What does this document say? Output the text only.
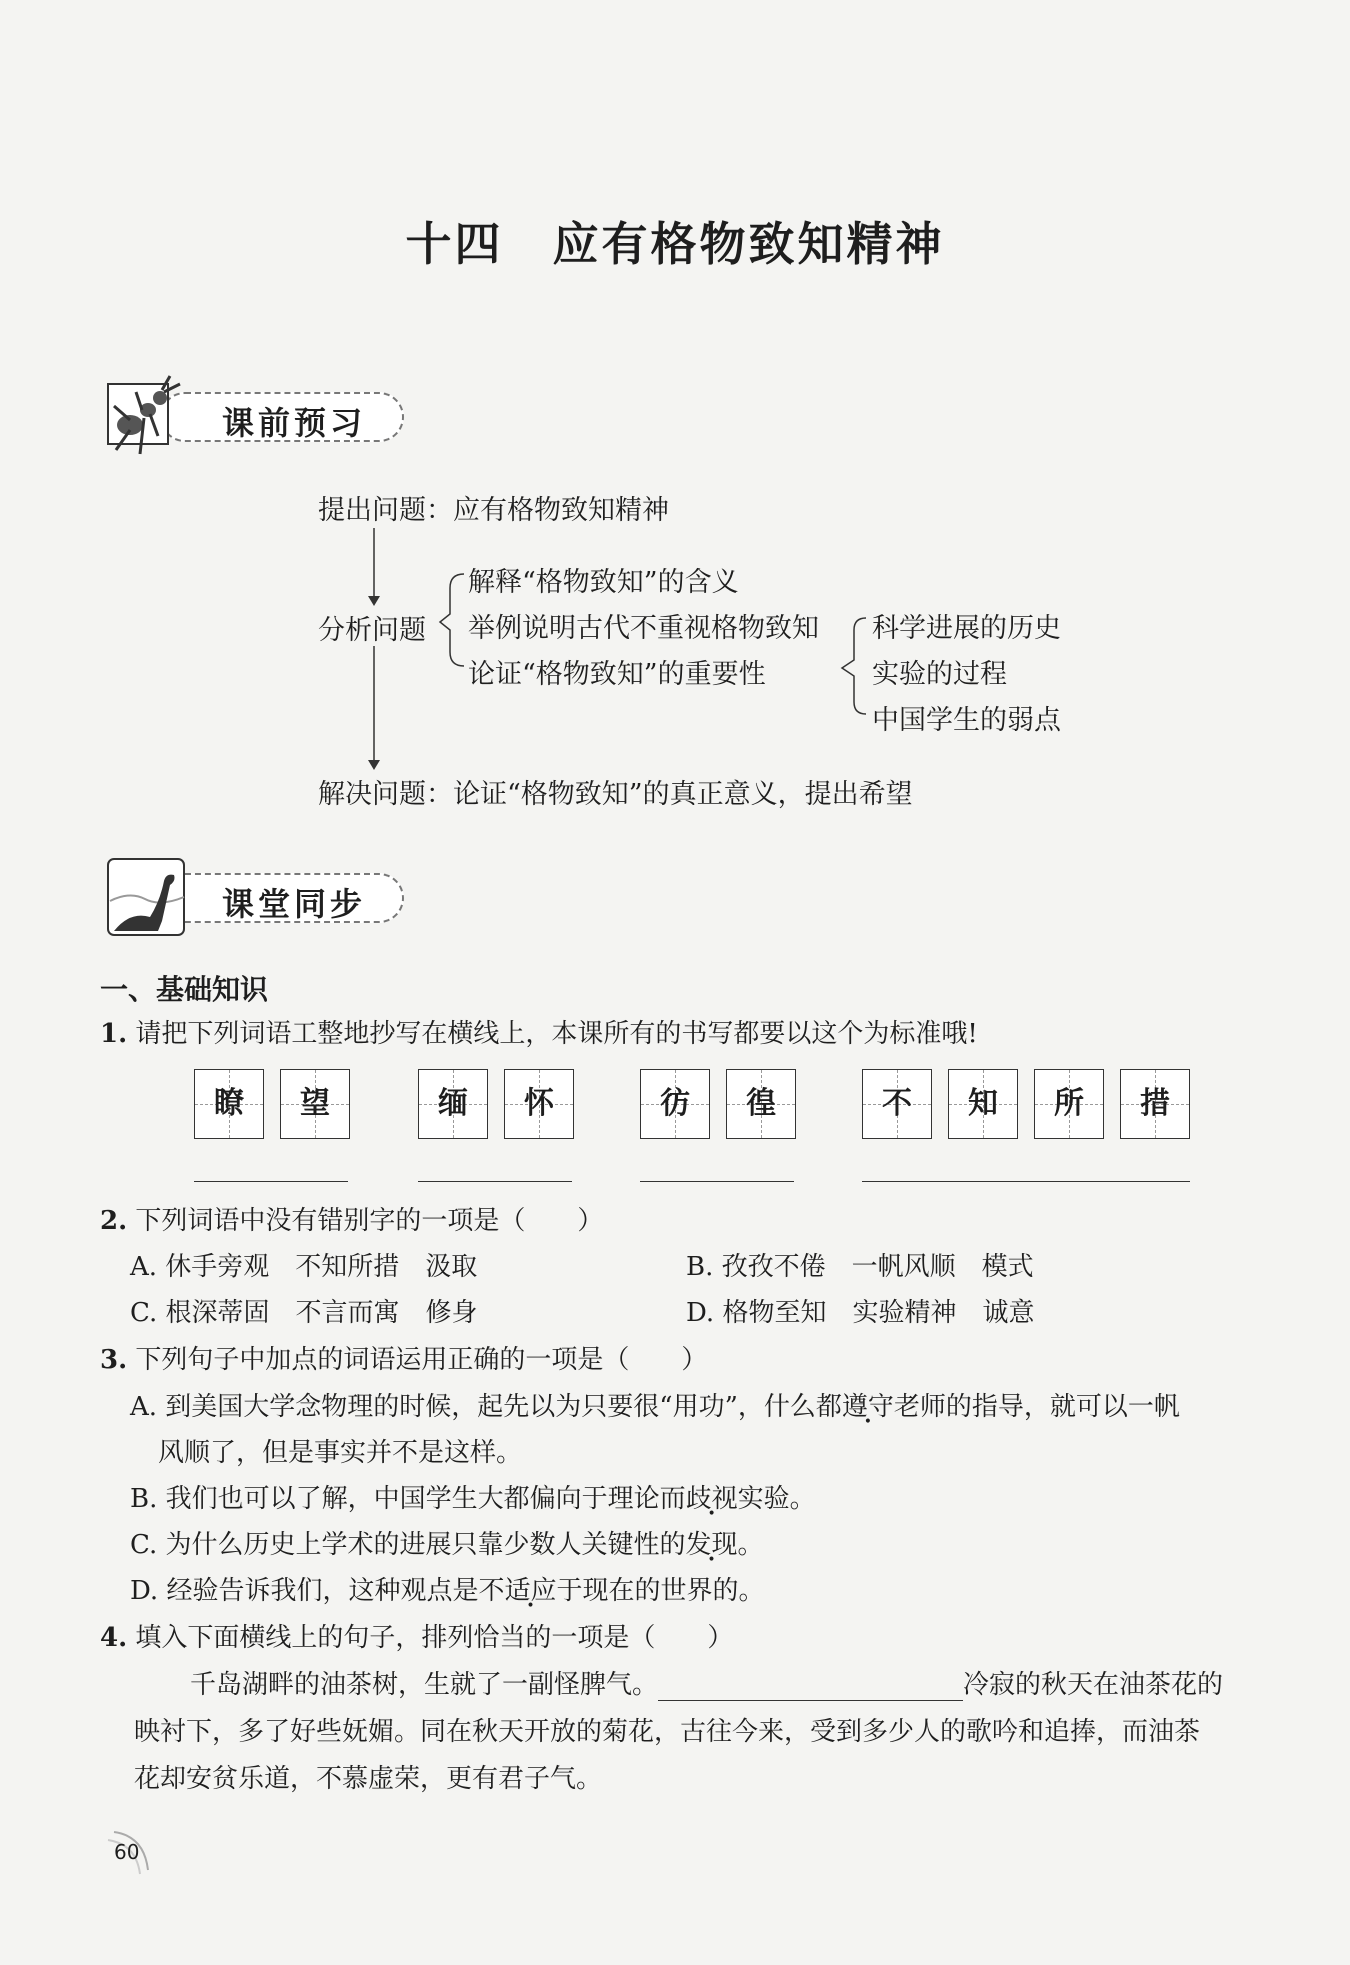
十四　应有格物致知精神
课前预习
提出问题：应有格物致知精神
分析问题
解释“格物致知”的含义
举例说明古代不重视格物致知
论证“格物致知”的重要性
科学进展的历史
实验的过程
中国学生的弱点
解决问题：论证“格物致知”的真正意义，提出希望
课堂同步
一、基础知识
1. 请把下列词语工整地抄写在横线上，本课所有的书写都要以这个为标准哦!
瞭	望	缅	怀	彷	徨	不	知	所	措
2. 下列词语中没有错别字的一项是（　　）
A. 休手旁观　不知所措　汲取	B. 孜孜不倦　一帆风顺　模式
C. 根深蒂固　不言而寓　修身	D. 格物至知　实验精神　诚意
3. 下列句子中加点的词语运用正确的一项是（　　）
A. 到美国大学念物理的时候，起先以为只要很“用功”，什么都遵守老师的指导，就可以一帆
风顺了，但是事实并不是这样。
B. 我们也可以了解，中国学生大都偏向于理论而歧视实验。
C. 为什么历史上学术的进展只靠少数人关键性的发现。
D. 经验告诉我们，这种观点是不适应于现在的世界的。
4. 填入下面横线上的句子，排列恰当的一项是（　　）
千岛湖畔的油茶树，生就了一副怪脾气。	冷寂的秋天在油茶花的
映衬下，多了好些妩媚。同在秋天开放的菊花，古往今来，受到多少人的歌吟和追捧，而油茶
花却安贫乐道，不慕虚荣，更有君子气。
60
